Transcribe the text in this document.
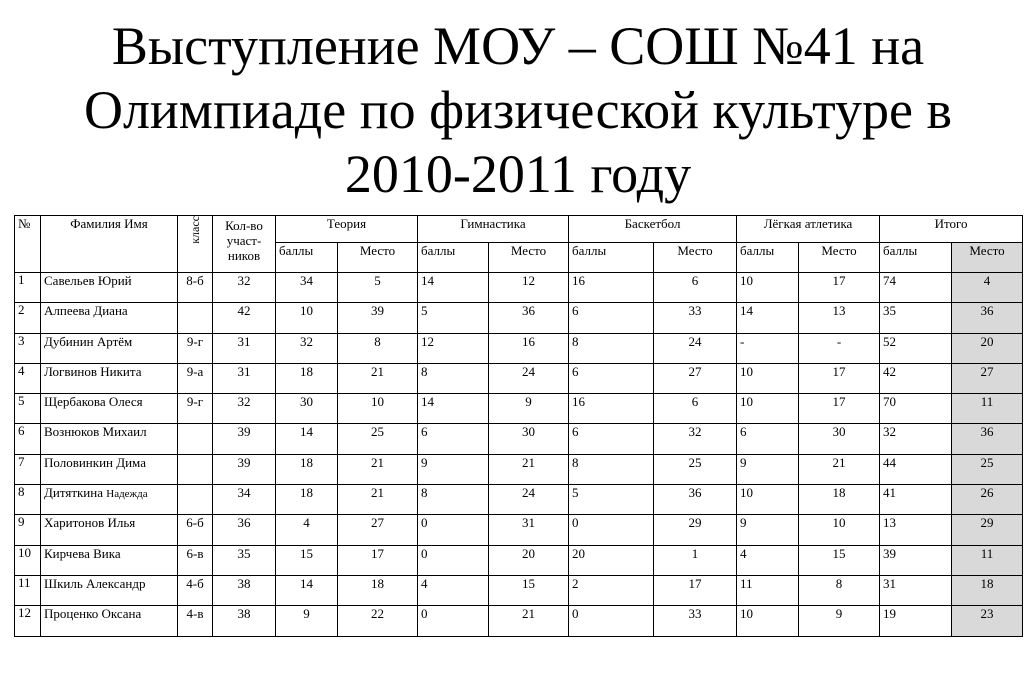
Выступление МОУ – СОШ №41 на
Олимпиаде по физической культуре в
2010-2011 году
№	Фамилия Имя	класс	Кол-во участ-ников	Теория		Гимнастика		Баскетбол		Лёгкая атлетика		Итого	
				баллы	Место	баллы	Место	баллы	Место	баллы	Место	баллы	Место
1	Савельев Юрий	8-б	32	34	5	14	12	16	6	10	17	74	4
2	Алпеева Диана		42	10	39	5	36	6	33	14	13	35	36
3	Дубинин Артём	9-г	31	32	8	12	16	8	24	-	-	52	20
4	Логвинов Никита	9-а	31	18	21	8	24	6	27	10	17	42	27
5	Щербакова Олеся	9-г	32	30	10	14	9	16	6	10	17	70	11
6	Вознюков Михаил		39	14	25	6	30	6	32	6	30	32	36
7	Половинкин Дима		39	18	21	9	21	8	25	9	21	44	25
8	Дитяткина Надежда		34	18	21	8	24	5	36	10	18	41	26
9	Харитонов Илья	6-б	36	4	27	0	31	0	29	9	10	13	29
10	Кирчева Вика	6-в	35	15	17	0	20	20	1	4	15	39	11
11	Шкиль Александр	4-б	38	14	18	4	15	2	17	11	8	31	18
12	Проценко Оксана	4-в	38	9	22	0	21	0	33	10	9	19	23
